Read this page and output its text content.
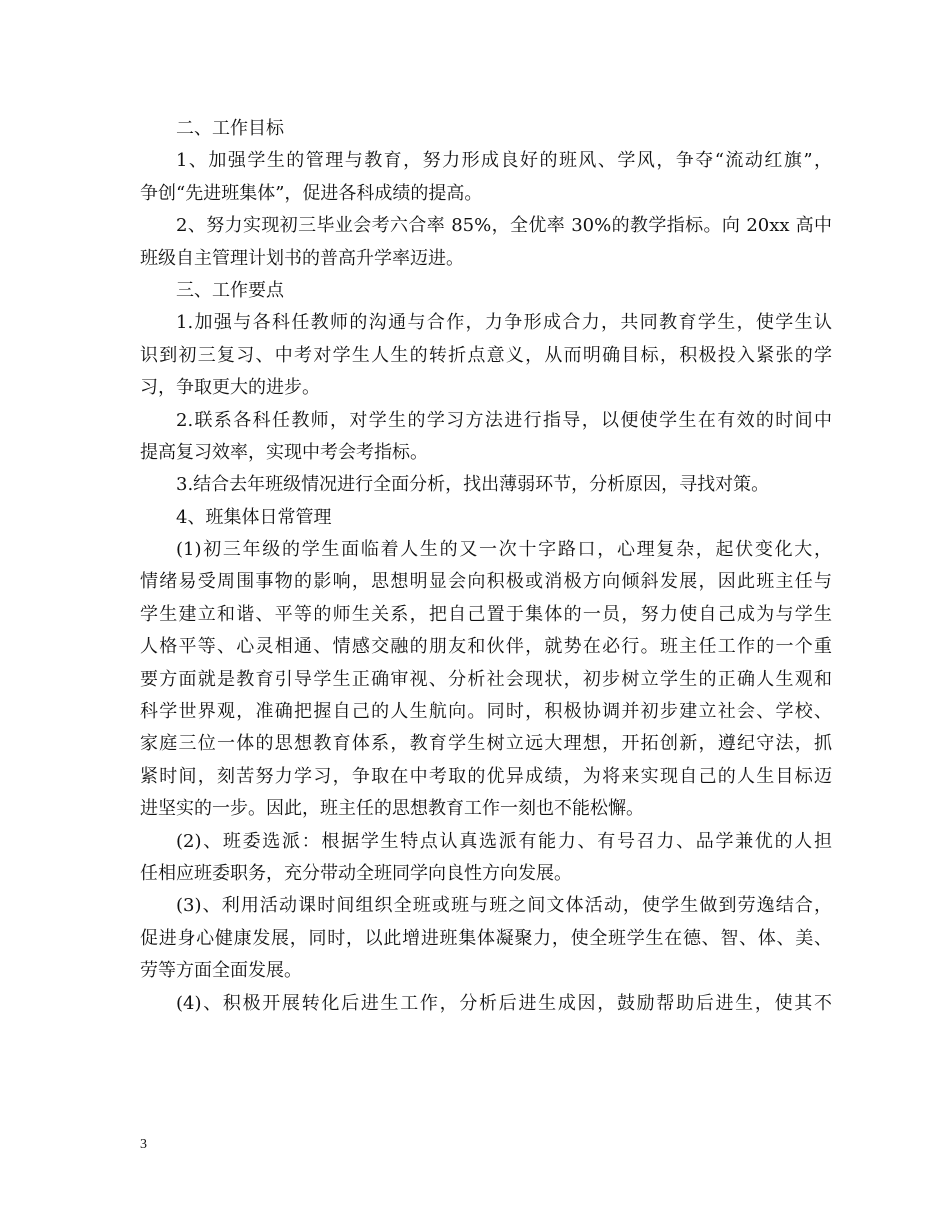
二、工作目标
1、加强学生的管理与教育，努力形成良好的班风、学风，争夺“流动红旗”，
争创“先进班集体”，促进各科成绩的提高。
2、努力实现初三毕业会考六合率 85%，全优率 30%的教学指标。向 20xx 高中
班级自主管理计划书的普高升学率迈进。
三、工作要点
1.加强与各科任教师的沟通与合作，力争形成合力，共同教育学生，使学生认
识到初三复习、中考对学生人生的转折点意义，从而明确目标，积极投入紧张的学
习，争取更大的进步。
2.联系各科任教师，对学生的学习方法进行指导，以便使学生在有效的时间中
提高复习效率，实现中考会考指标。
3.结合去年班级情况进行全面分析，找出薄弱环节，分析原因，寻找对策。
4、班集体日常管理
(1)初三年级的学生面临着人生的又一次十字路口，心理复杂，起伏变化大，
情绪易受周围事物的影响，思想明显会向积极或消极方向倾斜发展，因此班主任与
学生建立和谐、平等的师生关系，把自己置于集体的一员，努力使自己成为与学生
人格平等、心灵相通、情感交融的朋友和伙伴，就势在必行。班主任工作的一个重
要方面就是教育引导学生正确审视、分析社会现状，初步树立学生的正确人生观和
科学世界观，准确把握自己的人生航向。同时，积极协调并初步建立社会、学校、
家庭三位一体的思想教育体系，教育学生树立远大理想，开拓创新，遵纪守法，抓
紧时间，刻苦努力学习，争取在中考取的优异成绩，为将来实现自己的人生目标迈
进坚实的一步。因此，班主任的思想教育工作一刻也不能松懈。
(2)、班委选派：根据学生特点认真选派有能力、有号召力、品学兼优的人担
任相应班委职务，充分带动全班同学向良性方向发展。
(3)、利用活动课时间组织全班或班与班之间文体活动，使学生做到劳逸结合，
促进身心健康发展，同时，以此增进班集体凝聚力，使全班学生在德、智、体、美、
劳等方面全面发展。
(4)、积极开展转化后进生工作，分析后进生成因，鼓励帮助后进生，使其不
3
